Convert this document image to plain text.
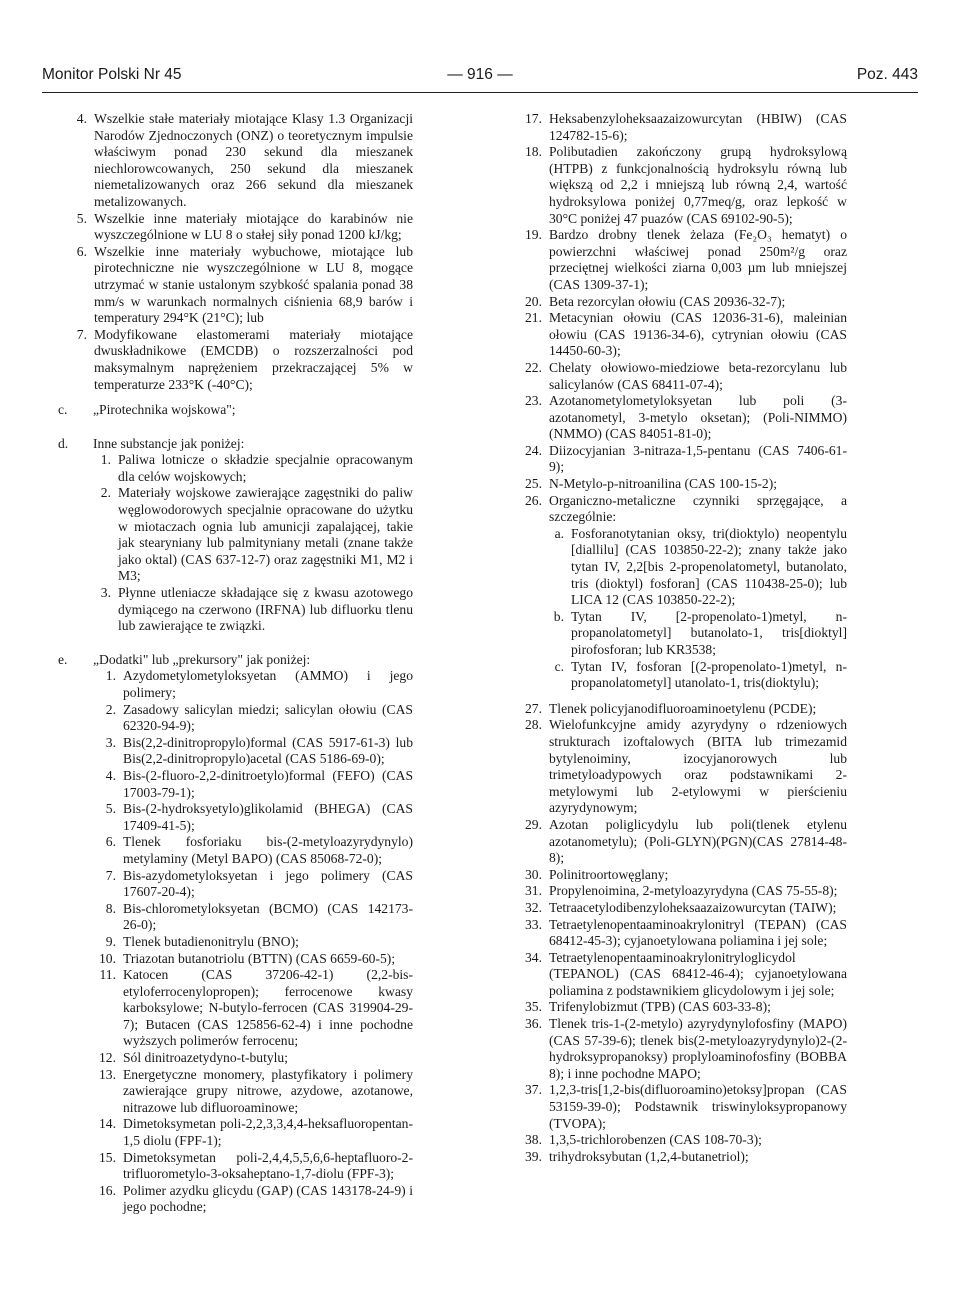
Monitor Polski Nr 45	— 916 —	Poz. 443
4. Wszelkie stałe materiały miotające Klasy 1.3 Organizacji Narodów Zjednoczonych (ONZ) o teoretycznym impulsie właściwym ponad 230 sekund dla mieszanek niechlorowcowanych, 250 sekund dla mieszanek niemetalizowanych oraz 266 sekund dla mieszanek metalizowanych.
5. Wszelkie inne materiały miotające do karabinów nie wyszczególnione w LU 8 o stałej siły ponad 1200 kJ/kg;
6. Wszelkie inne materiały wybuchowe, miotające lub pirotechniczne nie wyszczególnione w LU 8, mogące utrzymać w stanie ustalonym szybkość spalania ponad 38 mm/s w warunkach normalnych ciśnienia 68,9 barów i temperatury 294°K (21°C); lub
7. Modyfikowane elastomerami materiały miotające dwuskładnikowe (EMCDB) o rozszerzalności pod maksymalnym naprężeniem przekraczającej 5% w temperaturze 233°K (-40°C);
c.	„Pirotechnika wojskowa";
d.	Inne substancje jak poniżej:
1. Paliwa lotnicze o składzie specjalnie opracowanym dla celów wojskowych;
2. Materiały wojskowe zawierające zagęstniki do paliw węglowodorowych specjalnie opracowane do użytku w miotaczach ognia lub amunicji zapalającej, takie jak stearyniany lub palmityniany metali (znane także jako oktal) (CAS 637-12-7) oraz zagęstniki M1, M2 i M3;
3. Płynne utleniacze składające się z kwasu azotowego dymiącego na czerwono (IRFNA) lub difluorku tlenu lub zawierające te związki.
e.	„Dodatki" lub „prekursory" jak poniżej:
1. Azydometylometyloksyetan (AMMO) i jego polimery;
2. Zasadowy salicylan miedzi; salicylan ołowiu (CAS 62320-94-9);
3. Bis(2,2-dinitropropylo)formal (CAS 5917-61-3) lub Bis(2,2-dinitropropylo)acetal (CAS 5186-69-0);
4. Bis-(2-fluoro-2,2-dinitroetylo)formal (FEFO) (CAS 17003-79-1);
5. Bis-(2-hydroksyetylo)glikolamid (BHEGA) (CAS 17409-41-5);
6. Tlenek fosforiaku bis-(2-metyloazyrydynylo) metylaminy (Metyl BAPO) (CAS 85068-72-0);
7. Bis-azydometyloksyetan i jego polimery (CAS 17607-20-4);
8. Bis-chlorometyloksyetan (BCMO) (CAS 142173-26-0);
9. Tlenek butadienonitrylu (BNO);
10. Triazotan butanotriolu (BTTN) (CAS 6659-60-5);
11. Katocen (CAS 37206-42-1) (2,2-bis-etyloferrocenylopropen); ferrocenowe kwasy karboksylowe; N-butylo-ferrocen (CAS 319904-29-7); Butacen (CAS 125856-62-4) i inne pochodne wyższych polimerów ferrocenu;
12. Sól dinitroazetydyno-t-butylu;
13. Energetyczne monomery, plastyfikatory i polimery zawierające grupy nitrowe, azydowe, azotanowe, nitrazowe lub difluoroaminowe;
14. Dimetoksymetan poli-2,2,3,3,4,4-heksafluoropentan-1,5 diolu (FPF-1);
15. Dimetoksymetan poli-2,4,4,5,5,6,6-heptafluoro-2-trifluorometylo-3-oksaheptano-1,7-diolu (FPF-3);
16. Polimer azydku glicydu (GAP) (CAS 143178-24-9) i jego pochodne;
17. Heksabenzyloheksaazaizowurcytan (HBIW) (CAS 124782-15-6);
18. Polibutadien zakończony grupą hydroksylową (HTPB) z funkcjonalnością hydroksylu równą lub większą od 2,2 i mniejszą lub równą 2,4, wartość hydroksylowa poniżej 0,77meq/g, oraz lepkość w 30°C poniżej 47 puazów (CAS 69102-90-5);
19. Bardzo drobny tlenek żelaza (Fe₂O₃ hematyt) o powierzchni właściwej ponad 250m²/g oraz przeciętnej wielkości ziarna 0,003 µm lub mniejszej (CAS 1309-37-1);
20. Beta rezorcylan ołowiu (CAS 20936-32-7);
21. Metacynian ołowiu (CAS 12036-31-6), maleinian ołowiu (CAS 19136-34-6), cytrynian ołowiu (CAS 14450-60-3);
22. Chelaty ołowiowo-miedziowe beta-rezorcylanu lub salicylanów (CAS 68411-07-4);
23. Azotanometylometyloksyetan lub poli (3-azotanometyl, 3-metylo oksetan); (Poli-NIMMO) (NMMO) (CAS 84051-81-0);
24. Diizocyjanian 3-nitraza-1,5-pentanu (CAS 7406-61-9);
25. N-Metylo-p-nitroanilina (CAS 100-15-2);
26. Organiczno-metaliczne czynniki sprzęgające, a szczególnie:
a. Fosforanotytanian oksy, tri(dioktylo) neopentylu [diallilu] (CAS 103850-22-2); znany także jako tytan IV, 2,2[bis 2-propenolatometyl, butanolato, tris (dioktyl) fosforan] (CAS 110438-25-0); lub LICA 12 (CAS 103850-22-2);
b. Tytan IV, [2-propenolato-1)metyl, n-propanolatometyl] butanolato-1, tris[dioktyl] pirofosforan; lub KR3538;
c. Tytan IV, fosforan [(2-propenolato-1)metyl, n-propanolatometyl] utanolato-1, tris(dioktylu);
27. Tlenek policyjanodifluoroaminoetylenu (PCDE);
28. Wielofunkcyjne amidy azyrydyny o rdzeniowych strukturach izoftalowych (BITA lub trimezamid bytylenoiminy, izocyjanorowych lub trimetyloadypowych oraz podstawnikami 2-metylowymi lub 2-etylowymi w pierścieniu azyrydynowym;
29. Azotan poliglicydylu lub poli(tlenek etylenu azotanometylu); (Poli-GLYN)(PGN)(CAS 27814-48-8);
30. Polinitroortowęglany;
31. Propylenoimina, 2-metyloazyrydyna (CAS 75-55-8);
32. Tetraacetylodibenzyloheksaazaizowurcytan (TAIW);
33. Tetraetylenopentaaminoakrylonitryl (TEPAN) (CAS 68412-45-3); cyjanoetylowana poliamina i jej sole;
34. Tetraetylenopentaaminoakrylonitryloglicydol (TEPANOL) (CAS 68412-46-4); cyjanoetylowana poliamina z podstawnikiem glicydolowym i jej sole;
35. Trifenylobizmut (TPB) (CAS 603-33-8);
36. Tlenek tris-1-(2-metylo) azyrydynylofosfiny (MAPO) (CAS 57-39-6); tlenek bis(2-metyloazyrydynylo)2-(2-hydroksypropanoksy) proplyloaminofosfiny (BOBBA 8); i inne pochodne MAPO;
37. 1,2,3-tris[1,2-bis(difluoroamino)etoksy]propan (CAS 53159-39-0); Podstawnik triswinyloksypropanowy (TVOPA);
38. 1,3,5-trichlorobenzen (CAS 108-70-3);
39. trihydroksybutan (1,2,4-butanetriol);
